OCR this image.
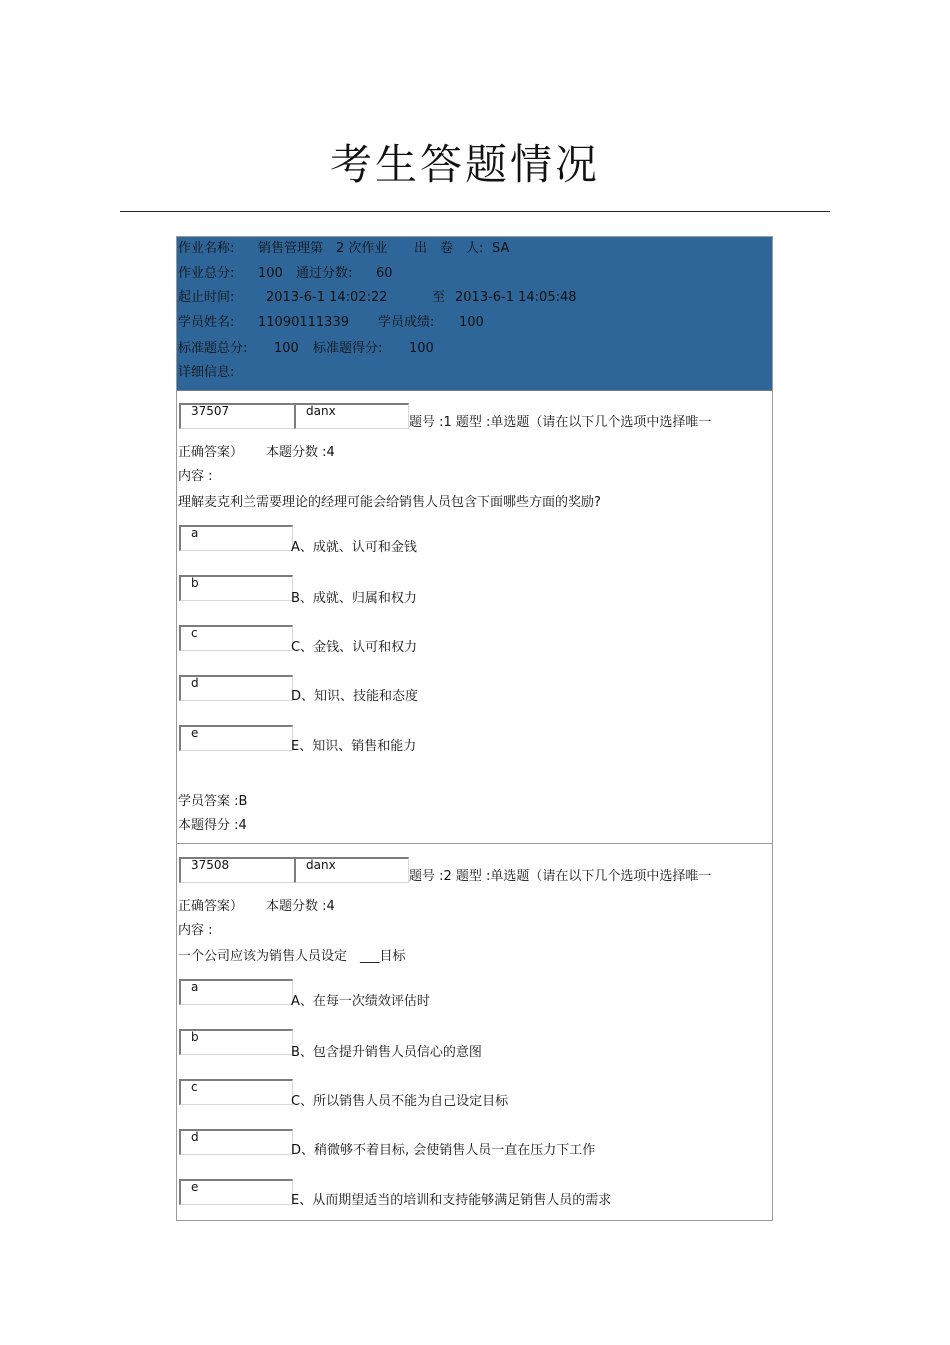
考生答题情况
作业名称: 销售管理第　2 次作业 出　卷　人: SA
作业总分: 100 通过分数: 60
起止时间: 2013-6-1 14:02:22	至 2013-6-1 14:05:48
学员姓名: 11090111339 学员成绩: 100
标准题总分: 100 标准题得分: 100
详细信息:
37507	danx
题号 :1 题型 :单选题（请在以下几个选项中选择唯一
正确答案） 本题分数 :4
内容 :
理解麦克利兰需要理论的经理可能会给销售人员包含下面哪些方面的奖励?
a
A、成就、认可和金钱
b
B、成就、归属和权力
c
C、金钱、认可和权力
d
D、知识、技能和态度
e
E、知识、销售和能力
学员答案 :B
本题得分 :4
37508	danx
题号 :2 题型 :单选题（请在以下几个选项中选择唯一
正确答案） 本题分数 :4
内容 :
一个公司应该为销售人员设定　___目标
a
A、在每一次绩效评估时
b
B、包含提升销售人员信心的意图
c
C、所以销售人员不能为自己设定目标
d
D、稍微够不着目标, 会使销售人员一直在压力下工作
e
E、从而期望适当的培训和支持能够满足销售人员的需求
